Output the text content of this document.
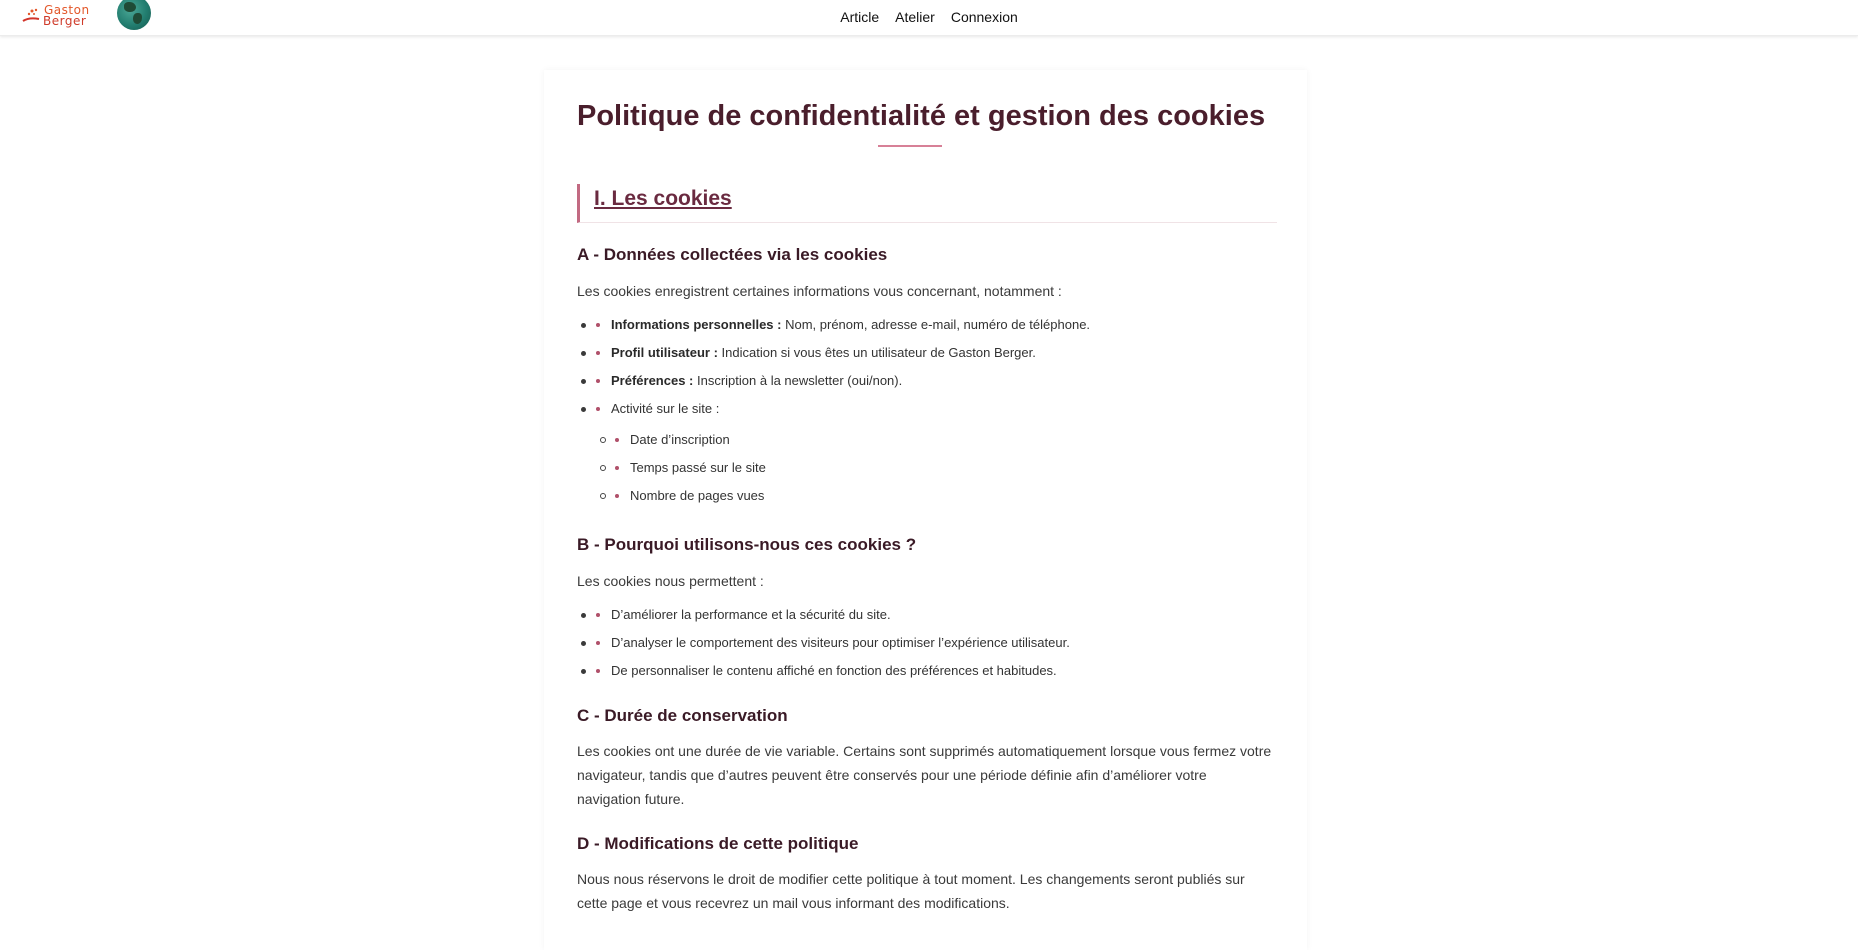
Gaston
Berger	Article Atelier Connexion
Politique de confidentialité et gestion des cookies
I. Les cookies
A - Données collectées via les cookies

Les cookies enregistrent certaines informations vous concernant, notamment :

Informations personnelles : Nom, prénom, adresse e-mail, numéro de téléphone.
Profil utilisateur : Indication si vous êtes un utilisateur de Gaston Berger.
Préférences : Inscription à la newsletter (oui/non).
Activité sur le site :
Date d’inscription
Temps passé sur le site
Nombre de pages vues
B - Pourquoi utilisons-nous ces cookies ?

Les cookies nous permettent :

D’améliorer la performance et la sécurité du site.
D’analyser le comportement des visiteurs pour optimiser l’expérience utilisateur.
De personnaliser le contenu affiché en fonction des préférences et habitudes.
C - Durée de conservation

Les cookies ont une durée de vie variable. Certains sont supprimés automatiquement lorsque vous fermez votre navigateur, tandis que d’autres peuvent être conservés pour une période définie afin d’améliorer votre navigation future.

D - Modifications de cette politique

Nous nous réservons le droit de modifier cette politique à tout moment. Les changements seront publiés sur cette page et vous recevrez un mail vous informant des modifications.
